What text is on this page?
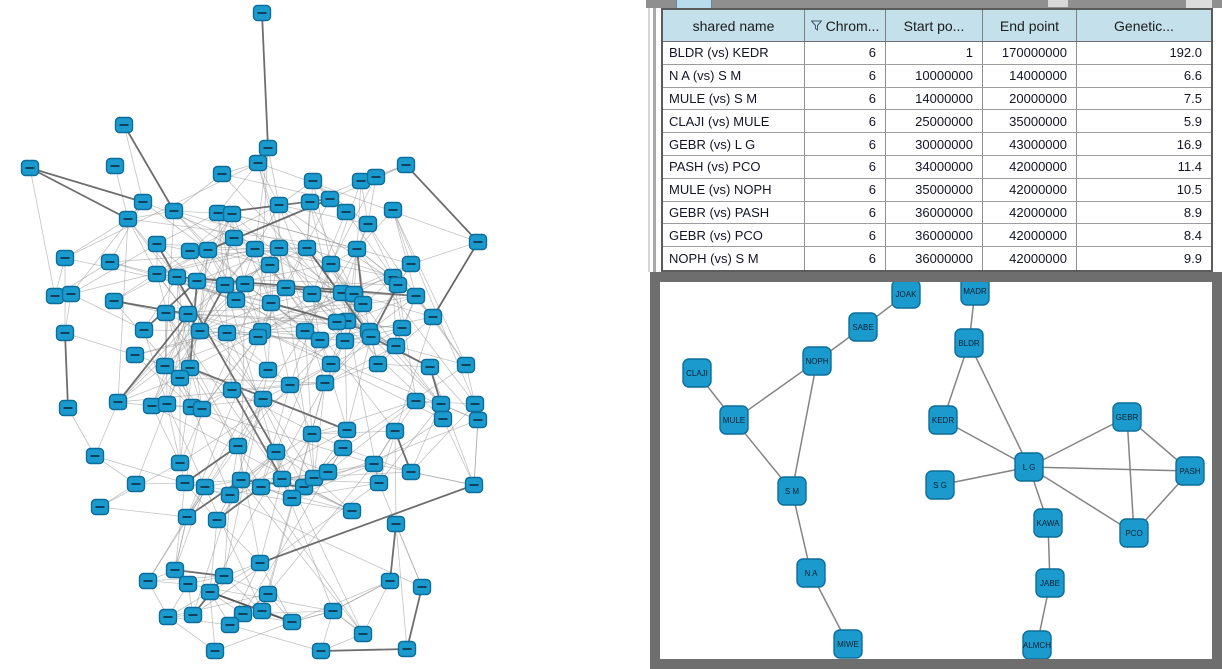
shared name	Chrom... Start po...	End point	Genetic...
BLDR (vs) KEDR	6	1	170000000	192.0
N A (vs) S M	6	10000000	14000000	6.6
MULE (vs) S M	6	14000000	20000000	7.5
CLAJI (vs) MULE	6	25000000	35000000	5.9
GEBR (vs) L G	6	30000000	43000000	16.9
PASH (vs) PCO	6	34000000	42000000	11.4
MULE (vs) NOPH	6	35000000	42000000	10.5
GEBR (vs) PASH	6	36000000	42000000	8.9
GEBR (vs) PCO	6	36000000	42000000	8.4
NOPH (vs) S M	6	36000000	42000000	9.9
JOAK	MADR
SABE
BLDR
NOPH
CLAJI
MULE	KEDR	GEBR
L G	PASH
S G
S M
KAWA
PCO
N A
JABE
MIWE	ALMCH
